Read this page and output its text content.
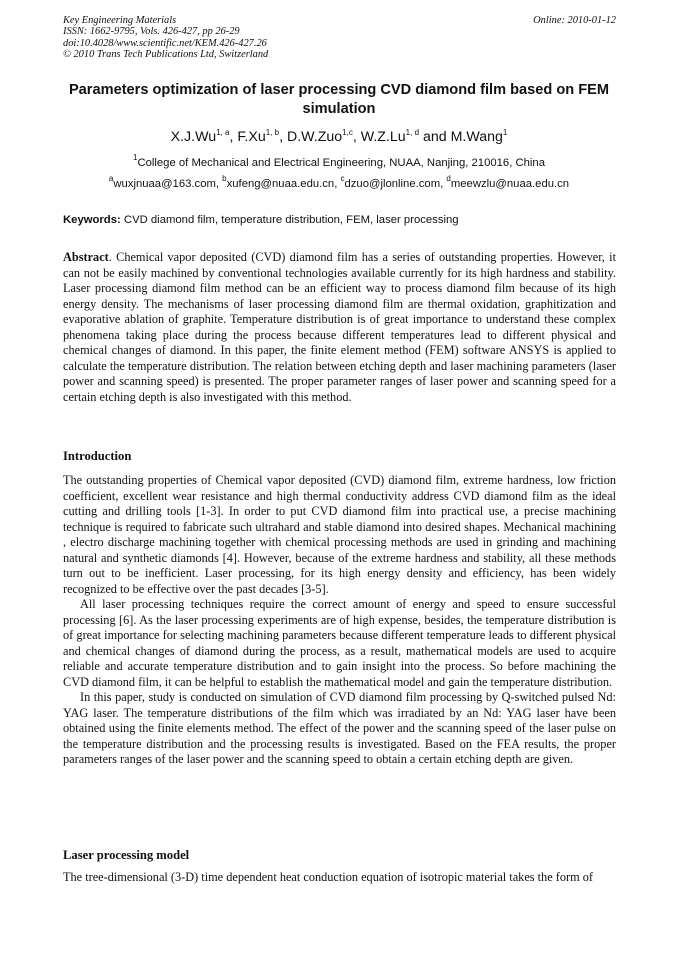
Key Engineering Materials
ISSN: 1662-9795, Vols. 426-427, pp 26-29
doi:10.4028/www.scientific.net/KEM.426-427.26
© 2010 Trans Tech Publications Ltd, Switzerland
Online: 2010-01-12
Parameters optimization of laser processing CVD diamond film based on FEM simulation
X.J.Wu$^{1, a}$, F.Xu$^{1, b}$, D.W.Zuo$^{1,c}$, W.Z.Lu$^{1, d}$ and M.Wang$^1$
$^1$College of Mechanical and Electrical Engineering, NUAA, Nanjing, 210016, China
$^a$wuxjnuaa@163.com, $^b$xufeng@nuaa.edu.cn, $^c$dzuo@jlonline.com, $^d$meewzlu@nuaa.edu.cn
Keywords: CVD diamond film, temperature distribution, FEM, laser processing

Abstract. Chemical vapor deposited (CVD) diamond film has a series of outstanding properties. However, it can not be easily machined by conventional technologies available currently for its high hardness and stability. Laser processing diamond film method can be an efficient way to process diamond film because of its high energy density. The mechanisms of laser processing diamond film are thermal oxidation, graphitization and evaporative ablation of graphite. Temperature distribution is of great importance to understand these complex phenomena taking place during the process because different temperatures lead to different physical and chemical changes of diamond. In this paper, the finite element method (FEM) software ANSYS is applied to calculate the temperature distribution. The relation between etching depth and laser machining parameters (laser power and scanning speed) is presented. The proper parameter ranges of laser power and scanning speed for a certain etching depth is also investigated with this method.

Introduction

The outstanding properties of Chemical vapor deposited (CVD) diamond film, extreme hardness, low friction coefficient, excellent wear resistance and high thermal conductivity address CVD diamond film as the ideal cutting and drilling tools [1-3]. In order to put CVD diamond film into practical use, a precise machining technique is required to fabricate such ultrahard and stable diamond into desired shapes. Mechanical machining , electro discharge machining together with chemical processing methods are used in grinding and machining natural and synthetic diamonds [4]. However, because of the extreme hardness and stability, all these methods turn out to be inefficient. Laser processing, for its high energy density and efficiency, has been widely recognized to be effective over the past decades [3-5].

All laser processing techniques require the correct amount of energy and speed to ensure successful processing [6]. As the laser processing experiments are of high expense, besides, the temperature distribution is of great importance for selecting machining parameters because different temperature leads to different physical and chemical changes of diamond during the process, as a result, mathematical models are used to acquire reliable and accurate temperature distribution and to gain insight into the process. So before machining the CVD diamond film, it can be helpful to establish the mathematical model and gain the temperature distribution.

In this paper, study is conducted on simulation of CVD diamond film processing by Q-switched pulsed Nd: YAG laser. The temperature distributions of the film which was irradiated by an Nd: YAG laser have been obtained using the finite elements method. The effect of the power and the scanning speed of the laser pulse on the temperature distribution and the processing results is investigated. Based on the FEA results, the proper parameters ranges of the laser power and the scanning speed to obtain a certain etching depth are given.

Laser processing model

The tree-dimensional (3-D) time dependent heat conduction equation of isotropic material takes the form of
